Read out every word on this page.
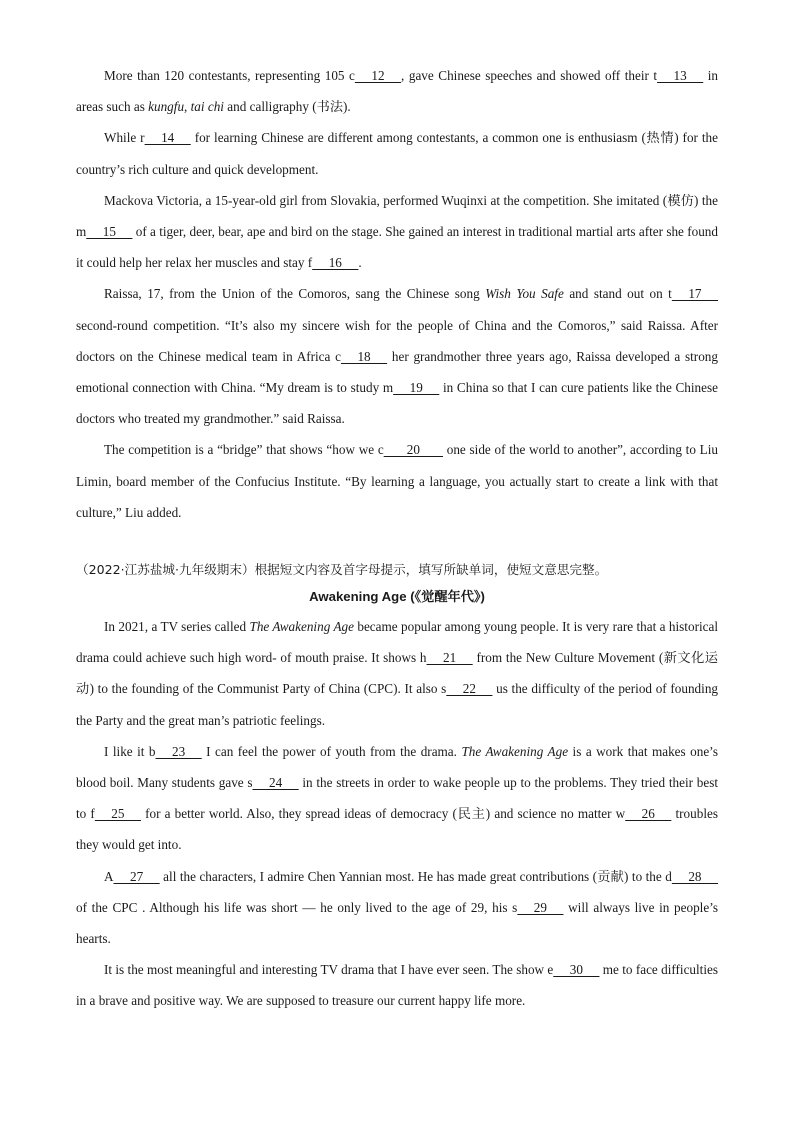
More than 120 contestants, representing 105 c     12     , gave Chinese speeches and showed off their t     13      in areas such as kungfu, tai chi and calligraphy (书法).

While r     14      for learning Chinese are different among contestants, a common one is enthusiasm (热情) for the country’s rich culture and quick development.

Mackova Victoria, a 15-year-old girl from Slovakia, performed Wuqinxi at the competition. She imitated (模仿) the m     15      of a tiger, deer, bear, ape and bird on the stage. She gained an interest in traditional martial arts after she found it could help her relax her muscles and stay f     16     .

Raissa, 17, from the Union of the Comoros, sang the Chinese song Wish You Safe and stand out on t     17      second-round competition. “It’s also my sincere wish for the people of China and the Comoros,” said Raissa. After doctors on the Chinese medical team in Africa c     18      her grandmother three years ago, Raissa developed a strong emotional connection with China. “My dream is to study m     19      in China so that I can cure patients like the Chinese doctors who treated my grandmother.” said Raissa.

The competition is a “bridge” that shows “how we c       20        one side of the world to another”, according to Liu Limin, board member of the Confucius Institute. “By learning a language, you actually start to create a link with that culture,” Liu added.

（2022·江苏盐城·九年级期末）根据短文内容及首字母提示，填写所缺单词，使短文意思完整。

Awakening Age (《觉醒年代》)

In 2021, a TV series called The Awakening Age became popular among young people. It is very rare that a historical drama could achieve such high word- of mouth praise. It shows h     21      from the New Culture Movement (新文化运动) to the founding of the Communist Party of China (CPC). It also s     22      us the difficulty of the period of founding the Party and the great man’s patriotic feelings.

I like it b     23      I can feel the power of youth from the drama. The Awakening Age is a work that makes one’s blood boil. Many students gave s     24      in the streets in order to wake people up to the problems. They tried their best to f     25      for a better world. Also, they spread ideas of democracy (民主) and science no matter w     26      troubles they would get into.

A     27      all the characters, I admire Chen Yannian most. He has made great contributions (贡献) to the d     28      of the CPC . Although his life was short — he only lived to the age of 29, his s     29      will always live in people’s hearts.

It is the most meaningful and interesting TV drama that I have ever seen. The show e     30      me to face difficulties in a brave and positive way. We are supposed to treasure our current happy life more.
